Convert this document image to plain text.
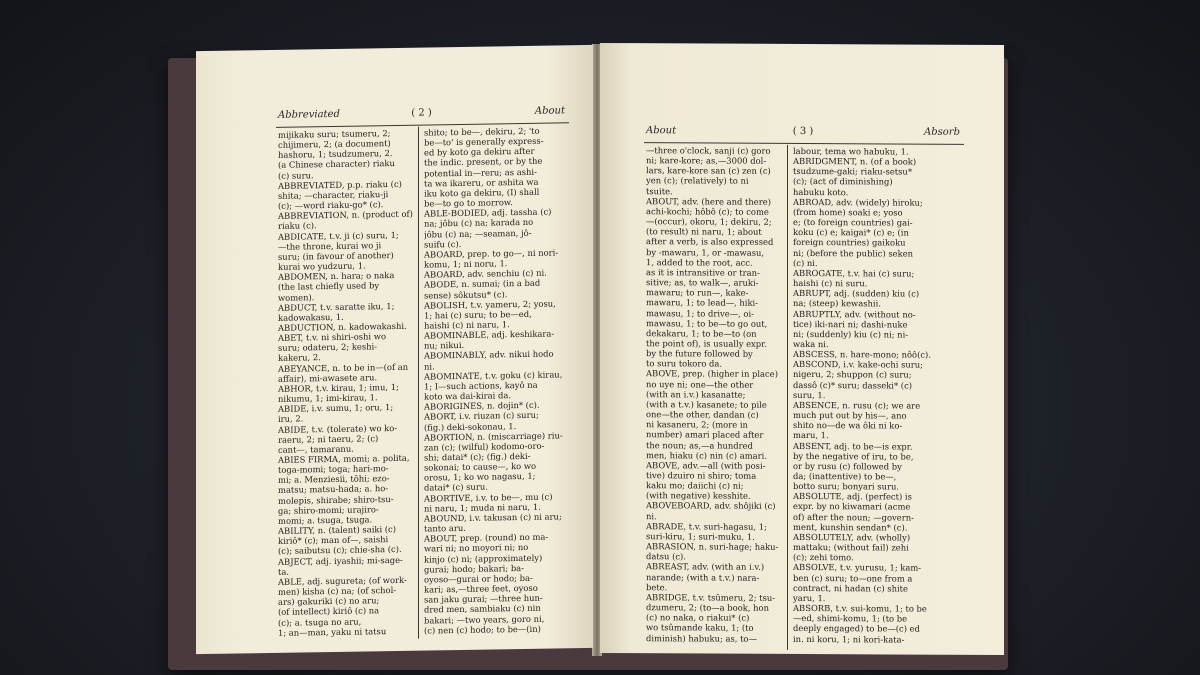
Abbreviated	( 2 )	About
mijikaku suru; tsumeru, 2;
chijimeru, 2; (a document)
hashoru, 1; tsudzumeru, 2.
(a Chinese character) riaku
(c) suru.
ABBREVIATED, p.p. riaku (c)
shita; —character, riaku-ji
(c); —word riaku-go* (c).
ABBREVIATION, n. (product of)
riaku (c).
ABDICATE, t.v. ji (c) suru, 1;
—the throne, kurai wo ji
suru; (in favour of another)
kurai wo yudzuru, 1.
ABDOMEN, n. hara; o naka
(the last chiefly used by
women).
ABDUCT, t.v. saratte iku, 1;
kadowakasu, 1.
ABDUCTION, n. kadowakashi.
ABET, t.v. ni shiri-oshi wo
suru; odateru, 2; keshi-
kakeru, 2.
ABEYANCE, n. to be in—(of an
affair), mi-awasete aru.
ABHOR, t.v. kirau, 1; imu, 1;
nikumu, 1; imi-kirau, 1.
ABIDE, i.v. sumu, 1; oru, 1;
iru, 2.
ABIDE, t.v. (tolerate) wo ko-
raeru, 2; ni taeru, 2; (c)
cant—, tamaranu.
ABIES FIRMA, momi; a. polita,
toga-momi; toga; hari-mo-
mi; a. Menziesii, tôhi; ezo-
matsu; matsu-hada; a. ho-
molepis, shirabe; shiro-tsu-
ga; shiro-momi; urajiro-
momi; a. tsuga, tsuga.
ABILITY, n. (talent) saiki (c)
kiriô* (c); man of—, saishi
(c); saibutsu (c); chie-sha (c).
ABJECT, adj. iyashii; mi-sage-
ta.
ABLE, adj. sugureta; (of work-
men) kisha (c) na; (of schol-
ars) gakuriki (c) no aru;
(of intellect) kiriô (c) na
(c); a. tsuga no aru,
1; an—man, yaku ni tatsu
shito; to be—, dekiru, 2; 'to
be—to' is generally express-
ed by koto ga dekiru after
the indic. present, or by the
potential in—reru; as ashi-
ta wa ikareru, or ashita wa
iku koto ga dekiru, (I) shall
be—to go to morrow.
ABLE-BODIED, adj. tassha (c)
na; jôbu (c) na; karada no
jôbu (c) na; —seaman, jô-
suifu (c).
ABOARD, prep. to go—, ni nori-
komu, 1; ni noru, 1.
ABOARD, adv. senchiu (c) ni.
ABODE, n. sumai; (in a bad
sense) sôkutsu* (c).
ABOLISH, t.v. yameru, 2; yosu,
1; hai (c) suru; to be—ed,
haishi (c) ni naru, 1.
ABOMINABLE, adj. keshikara-
nu; nikui.
ABOMINABLY, adv. nikui hodo
ni.
ABOMINATE, t.v. goku (c) kirau,
1; I—such actions, kayô na
koto wa dai-kirai da.
ABORIGINES, n. dojin* (c).
ABORT, i.v. riuzan (c) suru;
(fig.) deki-sokonau, 1.
ABORTION, n. (miscarriage) riu-
zan (c); (wilful) kodomo-oro-
shi; datai* (c); (fig.) deki-
sokonai; to cause—, ko wo
orosu, 1; ko wo nagasu, 1;
datai* (c) suru.
ABORTIVE, i.v. to be—, mu (c)
ni naru, 1; muda ni naru, 1.
ABOUND, i.v. takusan (c) ni aru;
tanto aru.
ABOUT, prep. (round) no ma-
wari ni; no moyori ni; no
kinjo (c) ni; (approximately)
gurai; hodo; bakari; ba-
oyoso—gurai or hodo; ba-
kari; as,—three feet, oyoso
san jaku gurai; —three hun-
dred men, sambiaku (c) nin
bakari; —two years, goro ni,
(c) nen (c) hodo; to be—(in)
About	( 3 )	Absorb
—three o'clock, sanji (c) goro
ni; kare-kore; as,—3000 dol-
lars, kare-kore san (c) zen (c)
yen (c); (relatively) to ni
tsuite.
ABOUT, adv. (here and there)
achi-kochi; hôbô (c); to come
—(occur), okoru, 1; dekiru, 2;
(to result) ni naru, 1; about
after a verb, is also expressed
by -mawaru, 1, or -mawasu,
1, added to the root, acc.
as it is intransitive or tran-
sitive; as, to walk—, aruki-
mawaru; to run—, kake-
mawaru, 1; to lead—, hiki-
mawasu, 1; to drive—, oi-
mawasu, 1; to be—to go out,
dekakaru, 1; to be—to (on
the point of), is usually expr.
by the future followed by
to suru tokoro da.
ABOVE, prep. (higher in place)
no uye ni; one—the other
(with an i.v.) kasanatte;
(with a t.v.) kasanete; to pile
one—the other, dandan (c)
ni kasaneru, 2; (more in
number) amari placed after
the noun; as,—a hundred
men, hiaku (c) nin (c) amari.
ABOVE, adv.—all (with posi-
tive) dzuiro ni shiro; toma
kaku mo; daiichi (c) ni;
(with negative) kesshite.
ABOVEBOARD, adv. shôjiki (c)
ni.
ABRADE, t.v. suri-hagasu, 1;
suri-kiru, 1; suri-muku, 1.
ABRASION, n. suri-hage; haku-
datsu (c).
ABREAST, adv. (with an i.v.)
narande; (with a t.v.) nara-
bete.
ABRIDGE, t.v. tsûmeru, 2; tsu-
dzumeru, 2; (to—a book, hon
(c) no naka, o riakui* (c)
wo tsûmande kaku, 1; (to
diminish) habuku; as, to—
labour, tema wo habuku, 1.
ABRIDGMENT, n. (of a book)
tsudzume-gaki; riaku-setsu*
(c); (act of diminishing)
habuku koto.
ABROAD, adv. (widely) hiroku;
(from home) soaki e; yoso
e; (to foreign countries) gai-
koku (c) e; kaigai* (c) e; (in
foreign countries) gaikoku
ni; (before the public) seken
(c) ni.
ABROGATE, t.v. hai (c) suru;
haishi (c) ni suru.
ABRUPT, adj. (sudden) kiu (c)
na; (steep) kewashii.
ABRUPTLY, adv. (without no-
tice) iki-nari ni; dashi-nuke
ni; (suddenly) kiu (c) ni; ni-
waka ni.
ABSCESS, n. hare-mono; nôô(c).
ABSCOND, i.v. kake-ochi suru;
nigeru, 2; shuppon (c) suru;
dassô (c)* suru; dasseki* (c)
suru, 1.
ABSENCE, n. rusu (c); we are
much put out by his—, ano
shito no—de wa ôki ni ko-
maru, 1.
ABSENT, adj. to be—is expr.
by the negative of iru, to be,
or by rusu (c) followed by
da; (inattentive) to be—,
botto suru; bonyari suru.
ABSOLUTE, adj. (perfect) is
expr. by no kiwamari (acme
of) after the noun; —govern-
ment, kunshin sendan* (c).
ABSOLUTELY, adv. (wholly)
mattaku; (without fail) zehi
(c); zehi tomo.
ABSOLVE, t.v. yurusu, 1; kam-
ben (c) suru; to—one from a
contract, ni hadan (c) shite
yaru, 1.
ABSORB, t.v. sui-komu, 1; to be
—ed, shimi-komu, 1; (to be
deeply engaged) to be—(c) ed
in. ni koru, 1; ni kori-kata-
